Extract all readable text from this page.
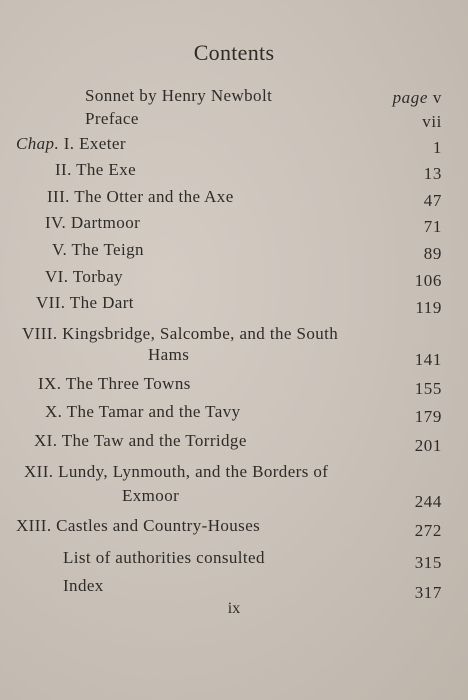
Contents
Sonnet by Henry Newbolt	page v
Preface	vii
Chap. I. Exeter	1
II. The Exe	13
III. The Otter and the Axe	47
IV. Dartmoor	71
V. The Teign	89
VI. Torbay	106
VII. The Dart	119
VIII. Kingsbridge, Salcombe, and the South
Hams	141
IX. The Three Towns	155
X. The Tamar and the Tavy	179
XI. The Taw and the Torridge	201
XII. Lundy, Lynmouth, and the Borders of
Exmoor	244
XIII. Castles and Country-Houses	272
List of authorities consulted	315
Index	317
ix
